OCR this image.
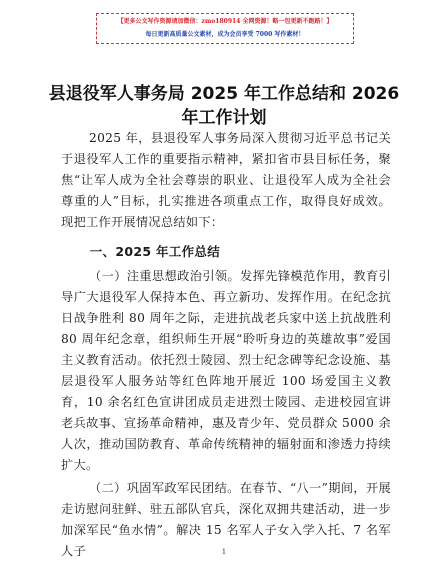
【更多公文写作资源请加微信：zmo180914 全网资源！略一包更新不跑路！】
每日更新高质量公文素材，成为会员享受 7000 写作素材！
县退役军人事务局 2025 年工作总结和 2026 年工作计划

2025 年，县退役军人事务局深入贯彻习近平总书记关于退役军人工作的重要指示精神，紧扣省市县目标任务，聚焦“让军人成为全社会尊崇的职业、让退役军人成为全社会尊重的人”目标，扎实推进各项重点工作，取得良好成效。现把工作开展情况总结如下：

一、2025 年工作总结

（一）注重思想政治引领。发挥先锋模范作用，教育引导广大退役军人保持本色、再立新功、发挥作用。在纪念抗日战争胜利 80 周年之际，走进抗战老兵家中送上抗战胜利 80 周年纪念章，组织师生开展“聆听身边的英雄故事”爱国主义教育活动。依托烈士陵园、烈士纪念碑等纪念设施、基层退役军人服务站等红色阵地开展近 100 场爱国主义教育，10 余名红色宣讲团成员走进烈士陵园、走进校园宣讲老兵故事、宣扬革命精神，惠及青少年、党员群众 5000 余人次，推动国防教育、革命传统精神的辐射面和渗透力持续扩大。

（二）巩固军政军民团结。在春节、“八一”期间，开展走访慰问驻鲜、驻五部队官兵，深化双拥共建活动，进一步加深军民“鱼水情”。解决 15 名军人子女入学入托、7 名军人子	1
